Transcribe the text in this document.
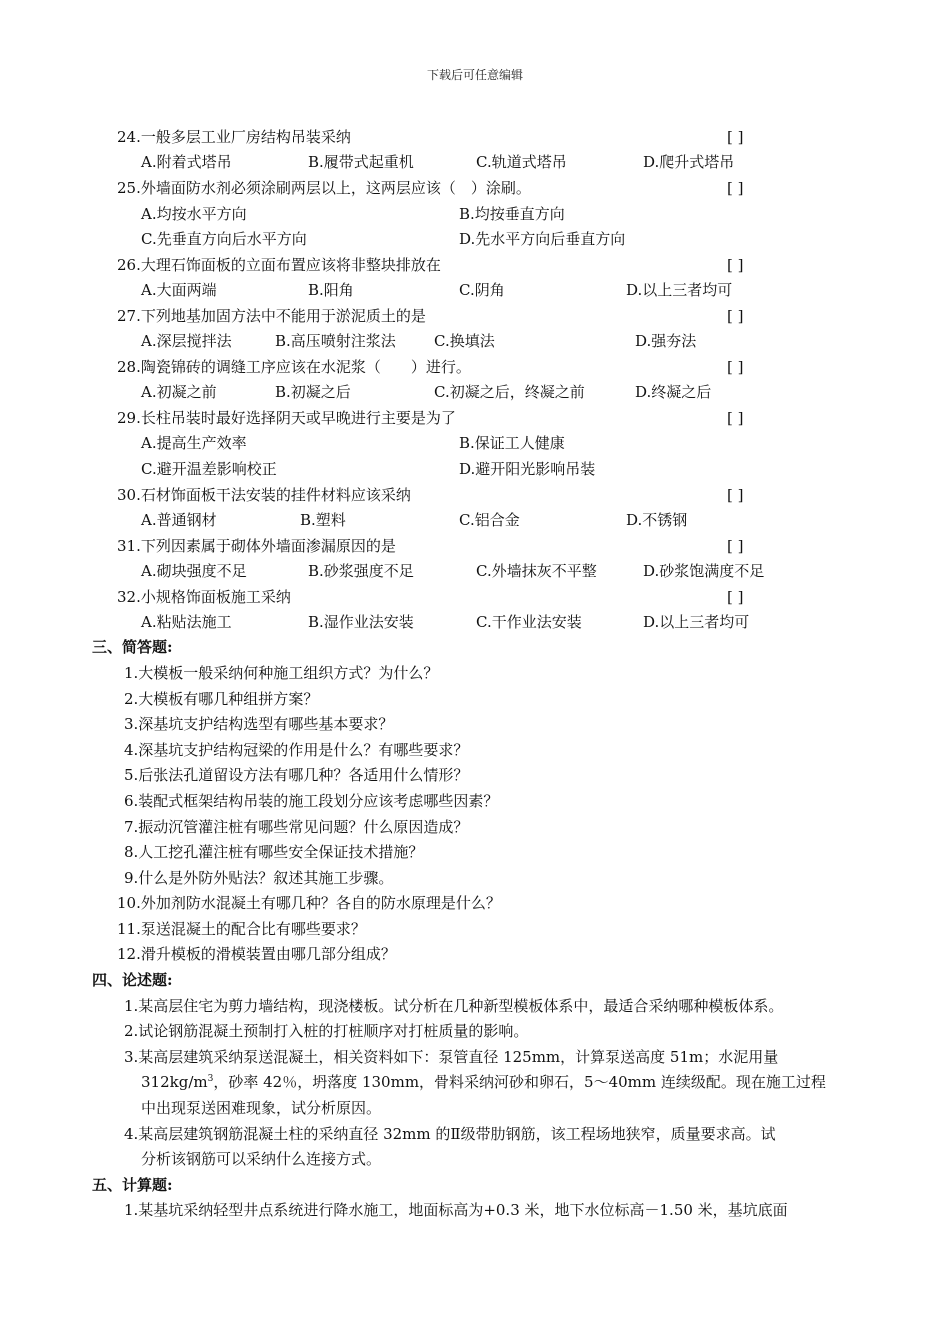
下载后可任意编辑
24.一般多层工业厂房结构吊装采纳	[ ]
A.附着式塔吊	B.履带式起重机	C.轨道式塔吊	D.爬升式塔吊
25.外墙面防水剂必须涂刷两层以上，这两层应该（　）涂刷。	[ ]
A.均按水平方向	B.均按垂直方向
C.先垂直方向后水平方向	D.先水平方向后垂直方向
26.大理石饰面板的立面布置应该将非整块排放在	[ ]
A.大面两端	B.阳角	C.阴角	D.以上三者均可
27.下列地基加固方法中不能用于淤泥质土的是	[ ]
A.深层搅拌法	B.高压喷射注浆法	C.换填法	D.强夯法
28.陶瓷锦砖的调缝工序应该在水泥浆（　　）进行。	[ ]
A.初凝之前	B.初凝之后	C.初凝之后，终凝之前	D.终凝之后
29.长柱吊装时最好选择阴天或早晚进行主要是为了	[ ]
A.提高生产效率	B.保证工人健康
C.避开温差影响校正	D.避开阳光影响吊装
30.石材饰面板干法安装的挂件材料应该采纳	[ ]
A.普通钢材	B.塑料	C.铝合金	D.不锈钢
31.下列因素属于砌体外墙面渗漏原因的是	[ ]
A.砌块强度不足	B.砂浆强度不足	C.外墙抹灰不平整	D.砂浆饱满度不足
32.小规格饰面板施工采纳	[ ]
A.粘贴法施工	B.湿作业法安装	C.干作业法安装	D.以上三者均可
三、简答题:
1.大模板一般采纳何种施工组织方式？为什么？
2.大模板有哪几种组拼方案？
3.深基坑支护结构选型有哪些基本要求？
4.深基坑支护结构冠梁的作用是什么？有哪些要求？
5.后张法孔道留设方法有哪几种？各适用什么情形？
6.装配式框架结构吊装的施工段划分应该考虑哪些因素？
7.振动沉管灌注桩有哪些常见问题？什么原因造成？
8.人工挖孔灌注桩有哪些安全保证技术措施？
9.什么是外防外贴法？叙述其施工步骤。
10.外加剂防水混凝土有哪几种？各自的防水原理是什么？
11.泵送混凝土的配合比有哪些要求？
12.滑升模板的滑模装置由哪几部分组成？
四、论述题:
1.某高层住宅为剪力墙结构，现浇楼板。试分析在几种新型模板体系中，最适合采纳哪种模板体系。
2.试论钢筋混凝土预制打入桩的打桩顺序对打桩质量的影响。
3.某高层建筑采纳泵送混凝土，相关资料如下：泵管直径 125mm，计算泵送高度 51m；水泥用量
$312kg/m^3$，砂率 42％，坍落度 130mm，骨料采纳河砂和卵石，5～40mm 连续级配。现在施工过程
中出现泵送困难现象，试分析原因。
4.某高层建筑钢筋混凝土柱的采纳直径 32mm 的Ⅱ级带肋钢筋，该工程场地狭窄，质量要求高。试
分析该钢筋可以采纳什么连接方式。
五、计算题:
1.某基坑采纳轻型井点系统进行降水施工，地面标高为+0.3 米，地下水位标高－1.50 米，基坑底面
